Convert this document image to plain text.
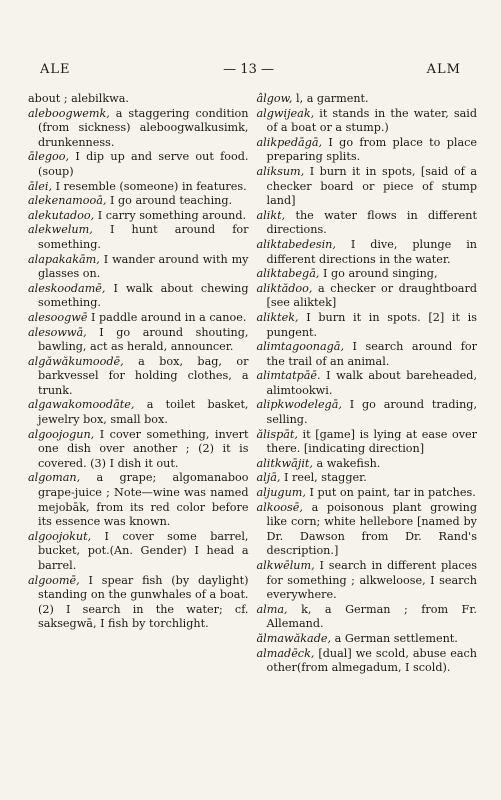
ALE	— 13 —	ALM

about ; alebilkwa.

aleboogwemk, a staggering condition (from sickness) aleboogwalkusimk, drunkenness.

ālegoo, I dip up and serve out food. (soup)

ālei, I resemble (someone) in features.

alekenamooā, I go around teaching.

alekutadoo, I carry something around.

alekwelum, I hunt around for something.

alapakakām, I wander around with my glasses on.

aleskoodamē, I walk about chewing something.

alesoogwē I paddle around in a canoe.

alesowwā, I go around shouting, bawling, act as herald, announcer.

algăwăkumoodē, a box, bag, or barkvessel for holding clothes, a trunk.

algawakomoodāte, a toilet basket, jewelry box, small box.

algoojogun, I cover something, invert one dish over another ; (2) it is covered. (3) I dish it out.

algoman, a grape; algomanaboo grape-juice ; Note—wine was named mejobāk, from its red color before its essence was known.

algoojokut, I cover some barrel, bucket, pot.(An. Gender) I head a barrel.

algoomē, I spear fish (by daylight) standing on the gunwhales of a boat. (2) I search in the water; cf. saksegwā, I fish by torchlight.

âlgow, l, a garment.

algwijeak, it stands in the water, said of a boat or a stump.)

alikpedāgā, I go from place to place preparing splits.

aliksum, I burn it in spots, [said of a checker board or piece of stump land]

alikt, the water flows in different directions.

aliktabedesin, I dive, plunge in different directions in the water.

aliktabegā, I go around singing,

aliktădoo, a checker or draughtboard [see aliktek]

aliktek, I burn it in spots. [2] it is pungent.

alimtagoonagā, I search around for the trail of an animal.

alimtatpāē. I walk about bareheaded, alimtookwi.

alipkwodelegā, I go around trading, selling.

ălispāt, it [game] is lying at ease over there. [indicating direction]

alitkwājit, a wakefish.

aljā, I reel, stagger.

aljugum, I put on paint, tar in patches.

alkoosē, a poisonous plant growing like corn; white hellebore [named by Dr. Dawson from Dr. Rand's description.]

alkwēlum, I search in different places for something ; alkweloose, I search everywhere.

alma, k, a German ; from Fr. Allemand.

ălmawăkade, a German settlement.

almadēck, [dual] we scold, abuse each other(from almegadum, I scold).
